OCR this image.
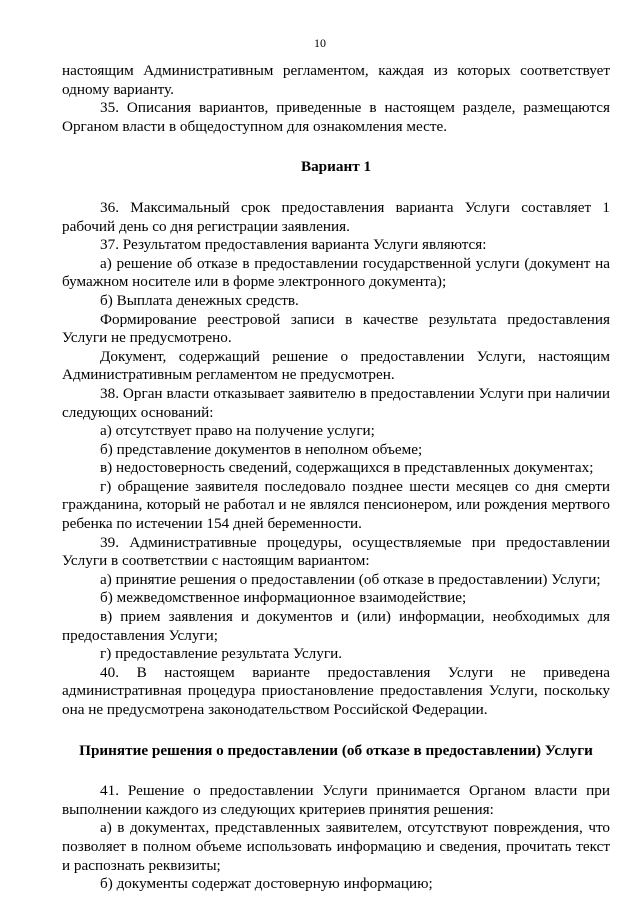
10

настоящим Административным регламентом, каждая из которых соответствует одному варианту.

35. Описания вариантов, приведенные в настоящем разделе, размещаются Органом власти в общедоступном для ознакомления месте.

Вариант 1

36. Максимальный срок предоставления варианта Услуги составляет 1 рабочий день со дня регистрации заявления.

37. Результатом предоставления варианта Услуги являются:

а) решение об отказе в предоставлении государственной услуги (документ на бумажном носителе или в форме электронного документа);

б) Выплата денежных средств.

Формирование реестровой записи в качестве результата предоставления Услуги не предусмотрено.

Документ, содержащий решение о предоставлении Услуги, настоящим Административным регламентом не предусмотрен.

38. Орган власти отказывает заявителю в предоставлении Услуги при наличии следующих оснований:

а) отсутствует право на получение услуги;

б) представление документов в неполном объеме;

в) недостоверность сведений, содержащихся в представленных документах;

г) обращение заявителя последовало позднее шести месяцев со дня смерти гражданина, который не работал и не являлся пенсионером, или рождения мертвого ребенка по истечении 154 дней беременности.

39. Административные процедуры, осуществляемые при предоставлении Услуги в соответствии с настоящим вариантом:

а) принятие решения о предоставлении (об отказе в предоставлении) Услуги;

б) межведомственное информационное взаимодействие;

в) прием заявления и документов и (или) информации, необходимых для предоставления Услуги;

г) предоставление результата Услуги.

40. В настоящем варианте предоставления Услуги не приведена административная процедура приостановление предоставления Услуги, поскольку она не предусмотрена законодательством Российской Федерации.

Принятие решения о предоставлении (об отказе в предоставлении) Услуги

41. Решение о предоставлении Услуги принимается Органом власти при выполнении каждого из следующих критериев принятия решения:

а) в документах, представленных заявителем, отсутствуют повреждения, что позволяет в полном объеме использовать информацию и сведения, прочитать текст и распознать реквизиты;

б) документы содержат достоверную информацию;
